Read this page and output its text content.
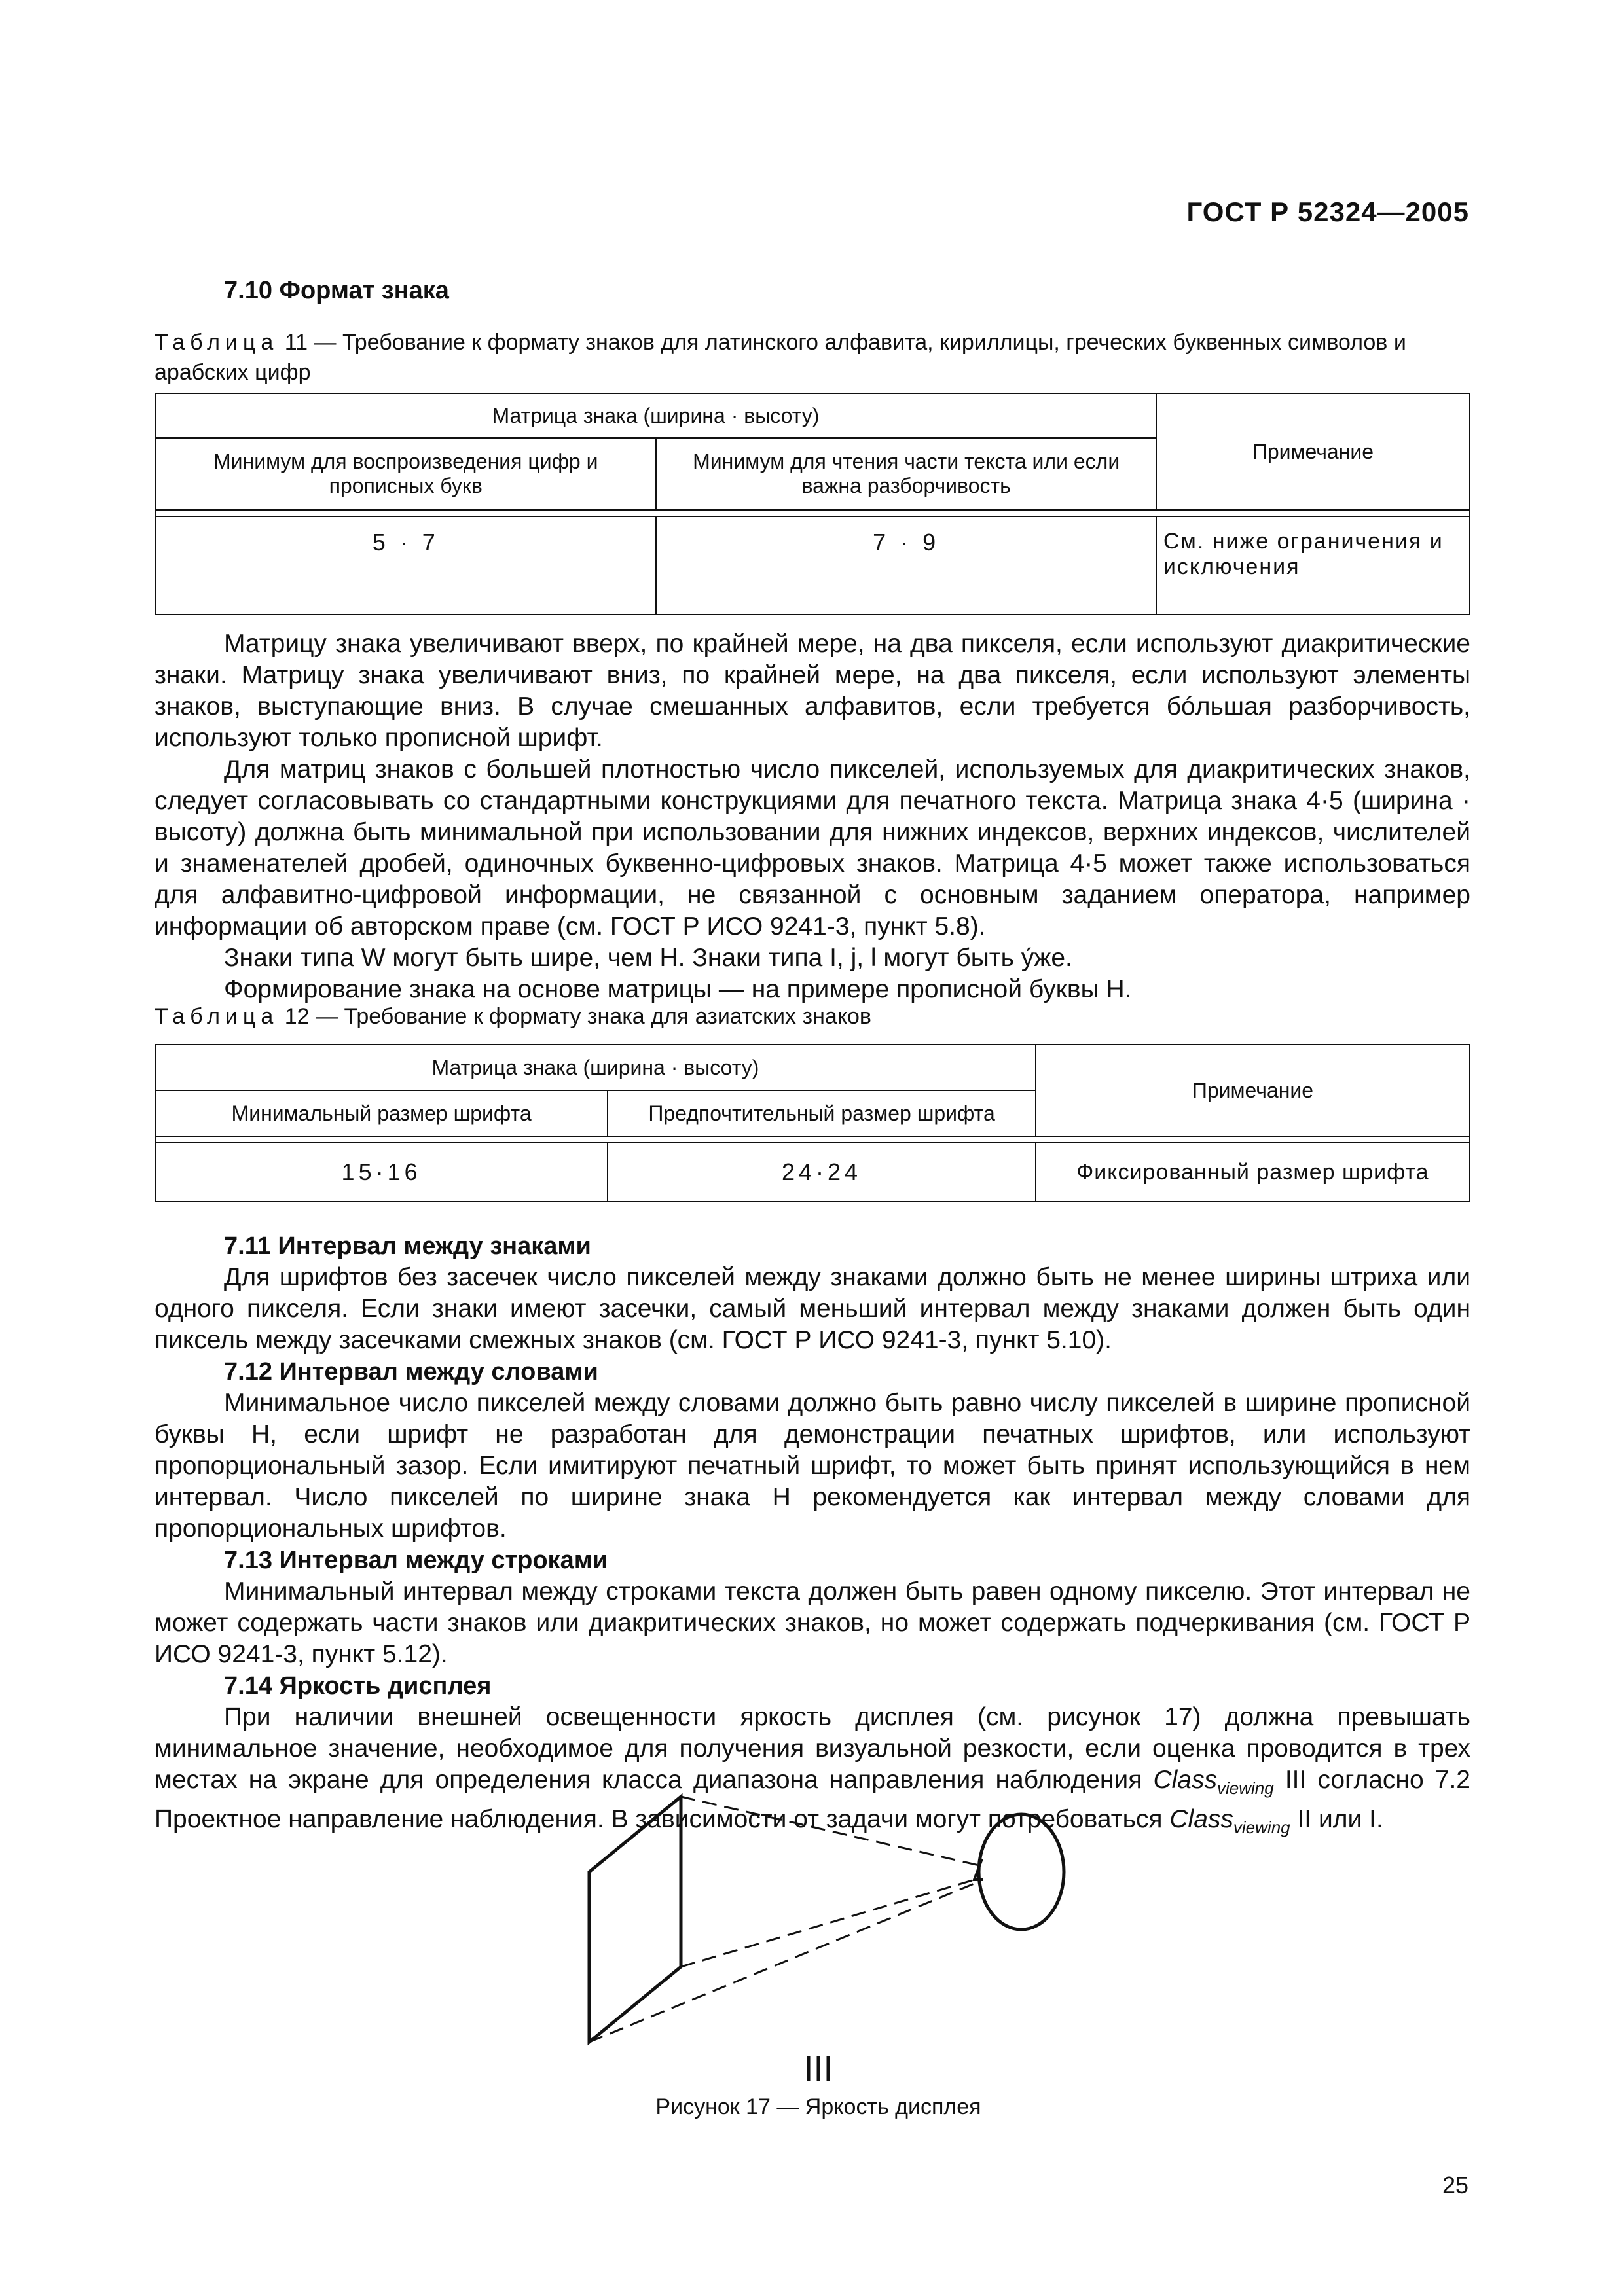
ГОСТ Р 52324—2005
7.10 Формат знака
Таблица 11 — Требование к формату знаков для латинского алфавита, кириллицы, греческих буквенных символов и арабских цифр
Матрица знака (ширина · высоту)		Примечание
Минимум для воспроизведения цифр и прописных букв	Минимум для чтения части текста или если важна разборчивость	

5 · 7	7 · 9	См. ниже ограничения и исключения

Матрицу знака увеличивают вверх, по крайней мере, на два пикселя, если используют диакритические знаки. Матрицу знака увеличивают вниз, по крайней мере, на два пикселя, если используют элементы знаков, выступающие вниз. В случае смешанных алфавитов, если требуется бóльшая разборчивость, используют только прописной шрифт.

Для матриц знаков с большей плотностью число пикселей, используемых для диакритических знаков, следует согласовывать со стандартными конструкциями для печатного текста. Матрица знака 4·5 (ширина · высоту) должна быть минимальной при использовании для нижних индексов, верхних индексов, числителей и знаменателей дробей, одиночных буквенно-цифровых знаков. Матрица 4·5 может также использоваться для алфавитно-цифровой информации, не связанной с основным заданием оператора, например информации об авторском праве (см. ГОСТ Р ИСО 9241-3, пункт 5.8).

Знаки типа W могут быть шире, чем H. Знаки типа I, j, l могут быть у́же.

Формирование знака на основе матрицы — на примере прописной буквы H.

Таблица 12 — Требование к формату знака для азиатских знаков
Матрица знака (ширина · высоту)		Примечание
Минимальный размер шрифта	Предпочтительный размер шрифта	

15·16	24·24	Фиксированный размер шрифта
7.11 Интервал между знаками

Для шрифтов без засечек число пикселей между знаками должно быть не менее ширины штриха или одного пикселя. Если знаки имеют засечки, самый меньший интервал между знаками должен быть один пиксель между засечками смежных знаков (см. ГОСТ Р ИСО 9241-3, пункт 5.10).

7.12 Интервал между словами

Минимальное число пикселей между словами должно быть равно числу пикселей в ширине прописной буквы H, если шрифт не разработан для демонстрации печатных шрифтов, или используют пропорциональный зазор. Если имитируют печатный шрифт, то может быть принят использующийся в нем интервал. Число пикселей по ширине знака H рекомендуется как интервал между словами для пропорциональных шрифтов.

7.13 Интервал между строками

Минимальный интервал между строками текста должен быть равен одному пикселю. Этот интервал не может содержать части знаков или диакритических знаков, но может содержать подчеркивания (см. ГОСТ Р ИСО 9241-3, пункт 5.12).

7.14 Яркость дисплея

При наличии внешней освещенности яркость дисплея (см. рисунок 17) должна превышать минимальное значение, необходимое для получения визуальной резкости, если оценка проводится в трех местах на экране для определения класса диапазона направления наблюдения Class$_{viewing}$ III согласно 7.2 Проектное направление наблюдения. В зависимости от задачи могут потребоваться Class$_{viewing}$ II или I.

III
Рисунок 17 — Яркость дисплея
25
